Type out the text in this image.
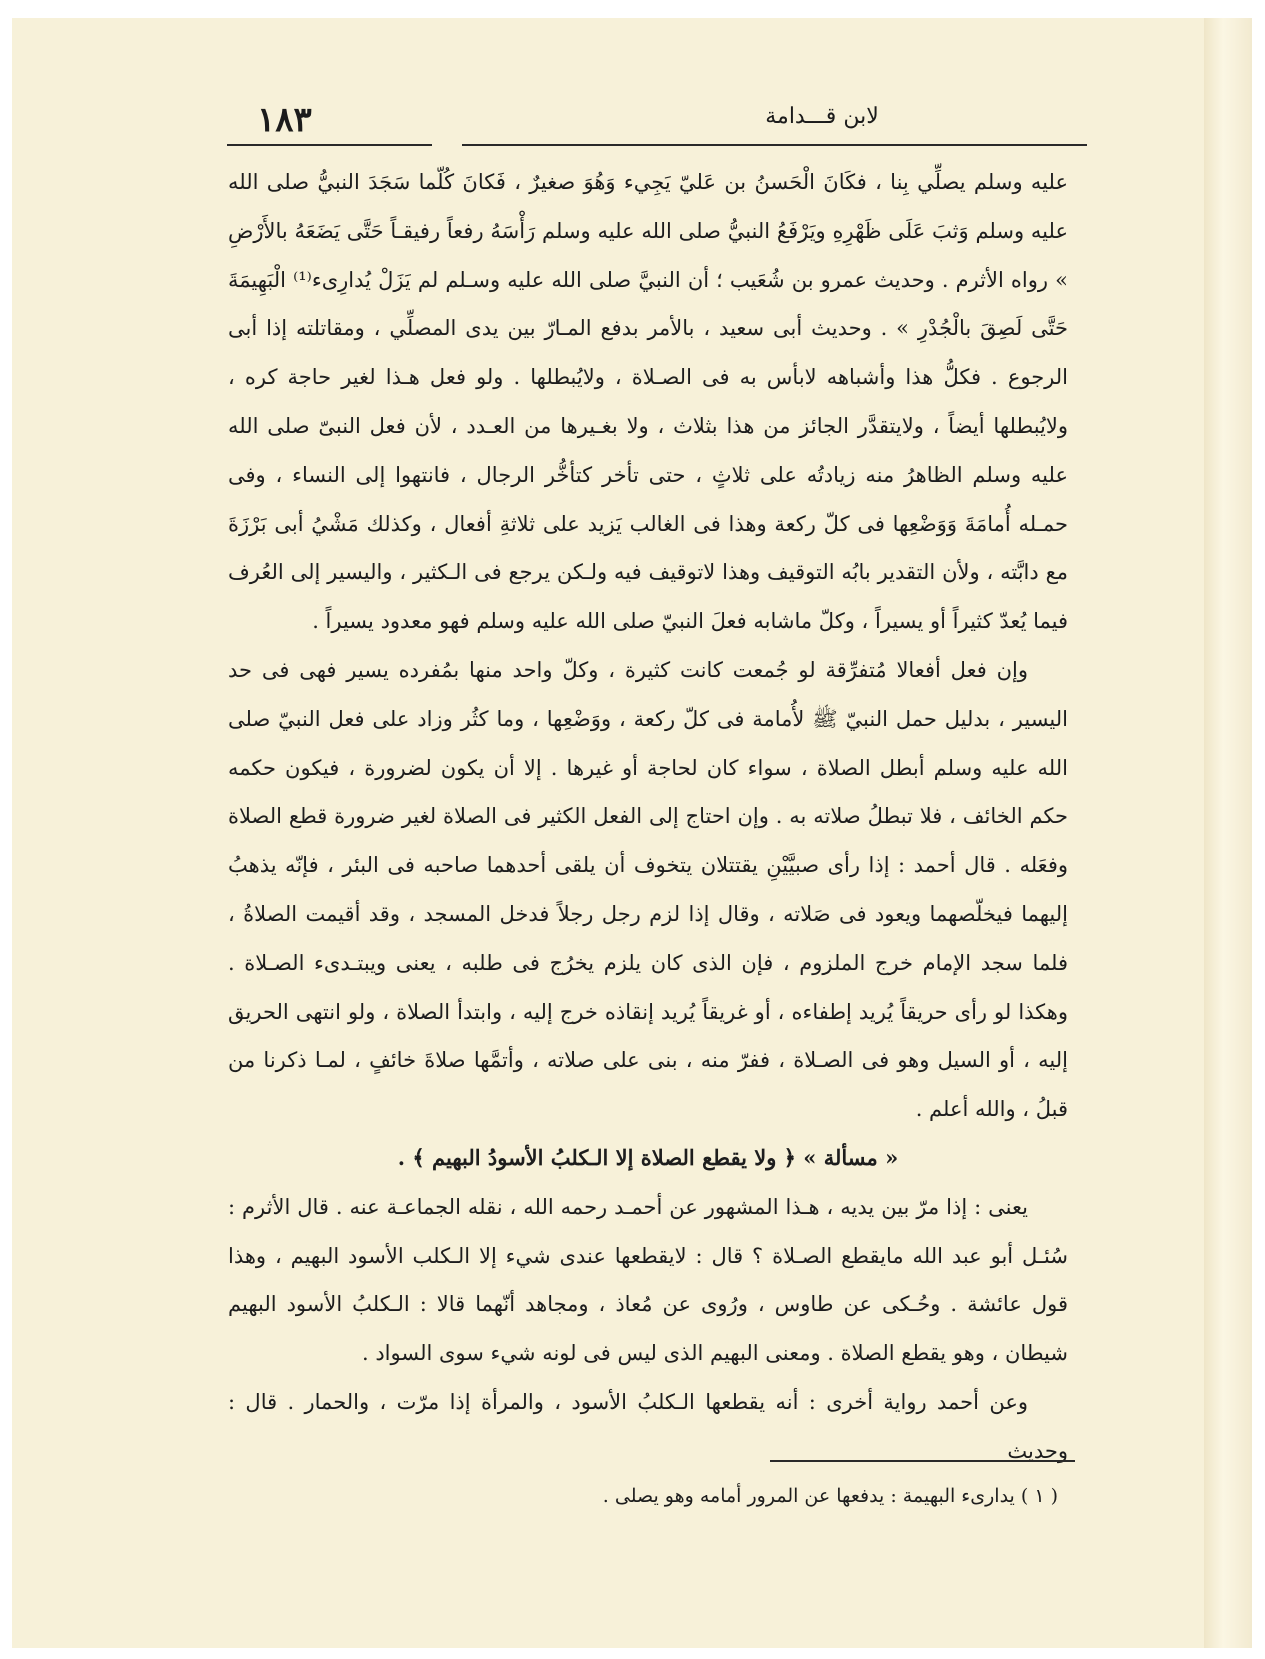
لابن قـــدامة
١٨٣

عليه وسلم يصلِّي بِنا ، فكَانَ الْحَسنُ بن عَليّ يَجِيء وَهُوَ صغيرٌ ، فَكانَ كُلّما سَجَدَ النبيُّ صلى الله عليه وسلم وَثبَ عَلَى ظَهْرِهِ ويَرْفَعُ النبيُّ صلى الله عليه وسلم رَأْسَهُ رفعاً رفيقـاً حَتَّى يَضَعَهُ بالأَرْضِ » رواه الأثرم . وحديث عمرو بن شُعَيب ؛ أن النبيَّ صلى الله عليه وسـلم لم يَزَلْ يُدارِىء⁽¹⁾ الْبَهِيمَةَ حَتَّى لَصِقَ بالْجُدْرِ » . وحديث أبى سعيد ، بالأمر بدفع المـارّ بين يدى المصلِّي ، ومقاتلته إذا أبى الرجوع . فكلُّ هذا وأشباهه لابأس به فى الصـلاة ، ولايُبطلها . ولو فعل هـذا لغير حاجة كره ، ولايُبطلها أيضاً ، ولايتقدَّر الجائز من هذا بثلاث ، ولا بغـيرها من العـدد ، لأن فعل النبىّ صلى الله عليه وسلم الظاهرُ منه زيادتُه على ثلاثٍ ، حتى تأخر كتأخُّر الرجال ، فانتهوا إلى النساء ، وفى حمـله أُمامَةَ وَوَضْعِها فى كلّ ركعة وهذا فى الغالب يَزيد على ثلاثةِ أفعال ، وكذلك مَشْيُ أبى بَرْزَةَ مع دابَّته ، ولأن التقدير بابُه التوقيف وهذا لاتوقيف فيه ولـكن يرجع فى الـكثير ، واليسير إلى العُرف فيما يُعدّ كثيراً أو يسيراً ، وكلّ ماشابه فعلَ النبيّ صلى الله عليه وسلم فهو معدود يسيراً .

وإن فعل أفعالا مُتفرِّقة لو جُمعت كانت كثيرة ، وكلّ واحد منها بمُفرده يسير فهى فى حد اليسير ، بدليل حمل النبيّ ﷺ لأُمامة فى كلّ ركعة ، ووَضْعِها ، وما كثُر وزاد على فعل النبيّ صلى الله عليه وسلم أبطل الصلاة ، سواء كان لحاجة أو غيرها . إلا أن يكون لضرورة ، فيكون حكمه حكم الخائف ، فلا تبطلُ صلاته به . وإن احتاج إلى الفعل الكثير فى الصلاة لغير ضرورة قطع الصلاة وفعَله . قال أحمد : إذا رأى صبيَّيْنِ يقتتلان يتخوف أن يلقى أحدهما صاحبه فى البئر ، فإنّه يذهبُ إليهما فيخلّصهما ويعود فى صَلاته ، وقال إذا لزم رجل رجلاً فدخل المسجد ، وقد أقيمت الصلاةُ ، فلما سجد الإمام خرج الملزوم ، فإن الذى كان يلزم يخرُج فى طلبه ، يعنى ويبتـدىء الصـلاة . وهكذا لو رأى حريقاً يُريد إطفاءه ، أو غريقاً يُريد إنقاذه خرج إليه ، وابتدأ الصلاة ، ولو انتهى الحريق إليه ، أو السيل وهو فى الصـلاة ، ففرّ منه ، بنى على صلاته ، وأتمَّها صلاةَ خائفٍ ، لمـا ذكرنا من قبلُ ، والله أعلم .

« مسألة » ﴿ ولا يقطع الصلاة إلا الـكلبُ الأسودُ البهيم ﴾ .

يعنى : إذا مرّ بين يديه ، هـذا المشهور عن أحمـد رحمه الله ، نقله الجماعـة عنه . قال الأثرم : سُئـل أبو عبد الله مايقطع الصـلاة ؟ قال : لايقطعها عندى شيء إلا الـكلب الأسود البهيم ، وهذا قول عائشة . وحُـكى عن طاوس ، ورُوى عن مُعاذ ، ومجاهد أنّهما قالا : الـكلبُ الأسود البهيم شيطان ، وهو يقطع الصلاة . ومعنى البهيم الذى ليس فى لونه شيء سوى السواد .

وعن أحمد رواية أخرى : أنه يقطعها الـكلبُ الأسود ، والمرأة إذا مرّت ، والحمار . قال : وحديث

( ١ ) يدارىء البهيمة : يدفعها عن المرور أمامه وهو يصلى .
